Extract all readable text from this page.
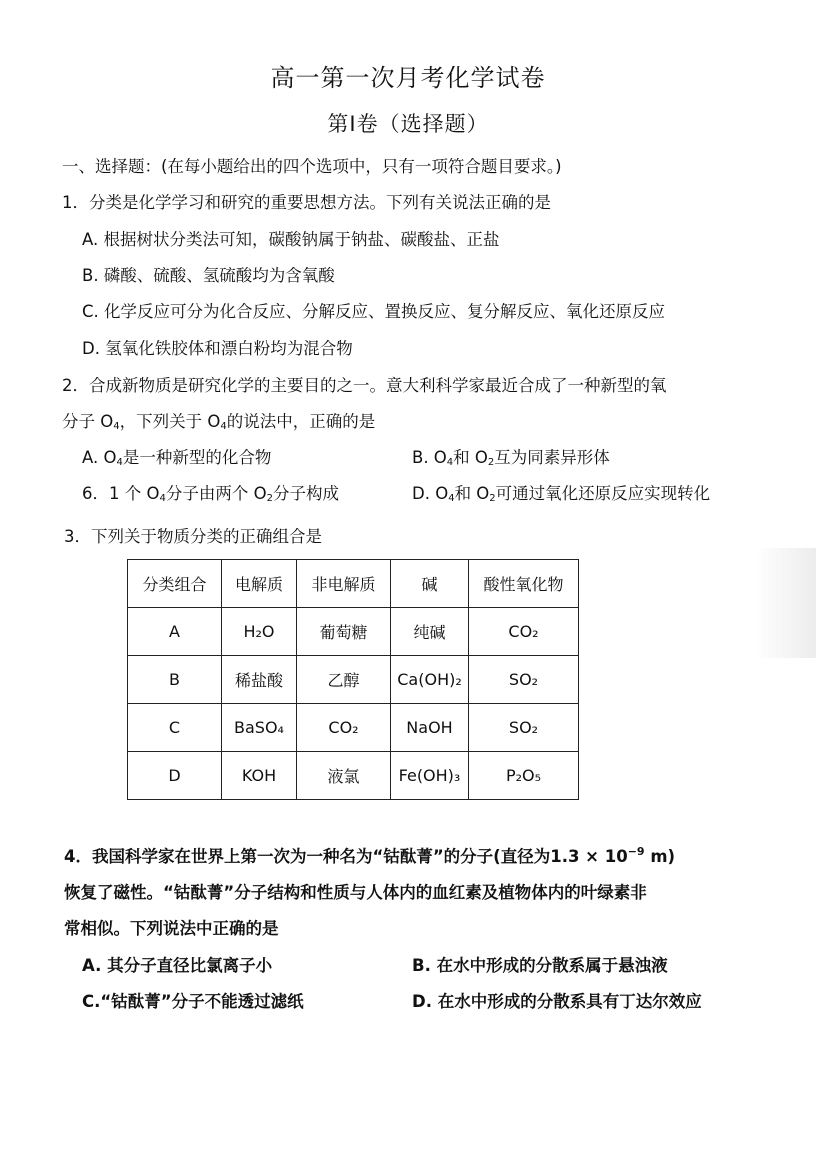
高一第一次月考化学试卷
第Ⅰ卷（选择题）
一、选择题：(在每小题给出的四个选项中，只有一项符合题目要求。)
1．分类是化学学习和研究的重要思想方法。下列有关说法正确的是
A. 根据树状分类法可知，碳酸钠属于钠盐、碳酸盐、正盐
B. 磷酸、硫酸、氢硫酸均为含氧酸
C. 化学反应可分为化合反应、分解反应、置换反应、复分解反应、氧化还原反应
D. 氢氧化铁胶体和漂白粉均为混合物
2．合成新物质是研究化学的主要目的之一。意大利科学家最近合成了一种新型的氧
分子 $O_4$，下列关于 $O_4$的说法中，正确的是
A. $O_4$是一种新型的化合物	B. $O_4$和 $O_2$互为同素异形体
6．1 个 $O_4$分子由两个 $O_2$分子构成	D. $O_4$和 $O_2$可通过氧化还原反应实现转化
3．下列关于物质分类的正确组合是
分类组合	电解质	非电解质	碱	酸性氧化物
A	H₂O	葡萄糖	纯碱	CO₂
B	稀盐酸	乙醇	Ca(OH)₂	SO₂
C	BaSO₄	CO₂	NaOH	SO₂
D	KOH	液氯	Fe(OH)₃	P₂O₅
4．我国科学家在世界上第一次为一种名为“钴酞菁”的分子(直径为$1.3 \times 10^{-9}$ m)
恢复了磁性。“钴酞菁”分子结构和性质与人体内的血红素及植物体内的叶绿素非
常相似。下列说法中正确的是
A. 其分子直径比氯离子小	B. 在水中形成的分散系属于悬浊液
C.“钴酞菁”分子不能透过滤纸	D. 在水中形成的分散系具有丁达尔效应
